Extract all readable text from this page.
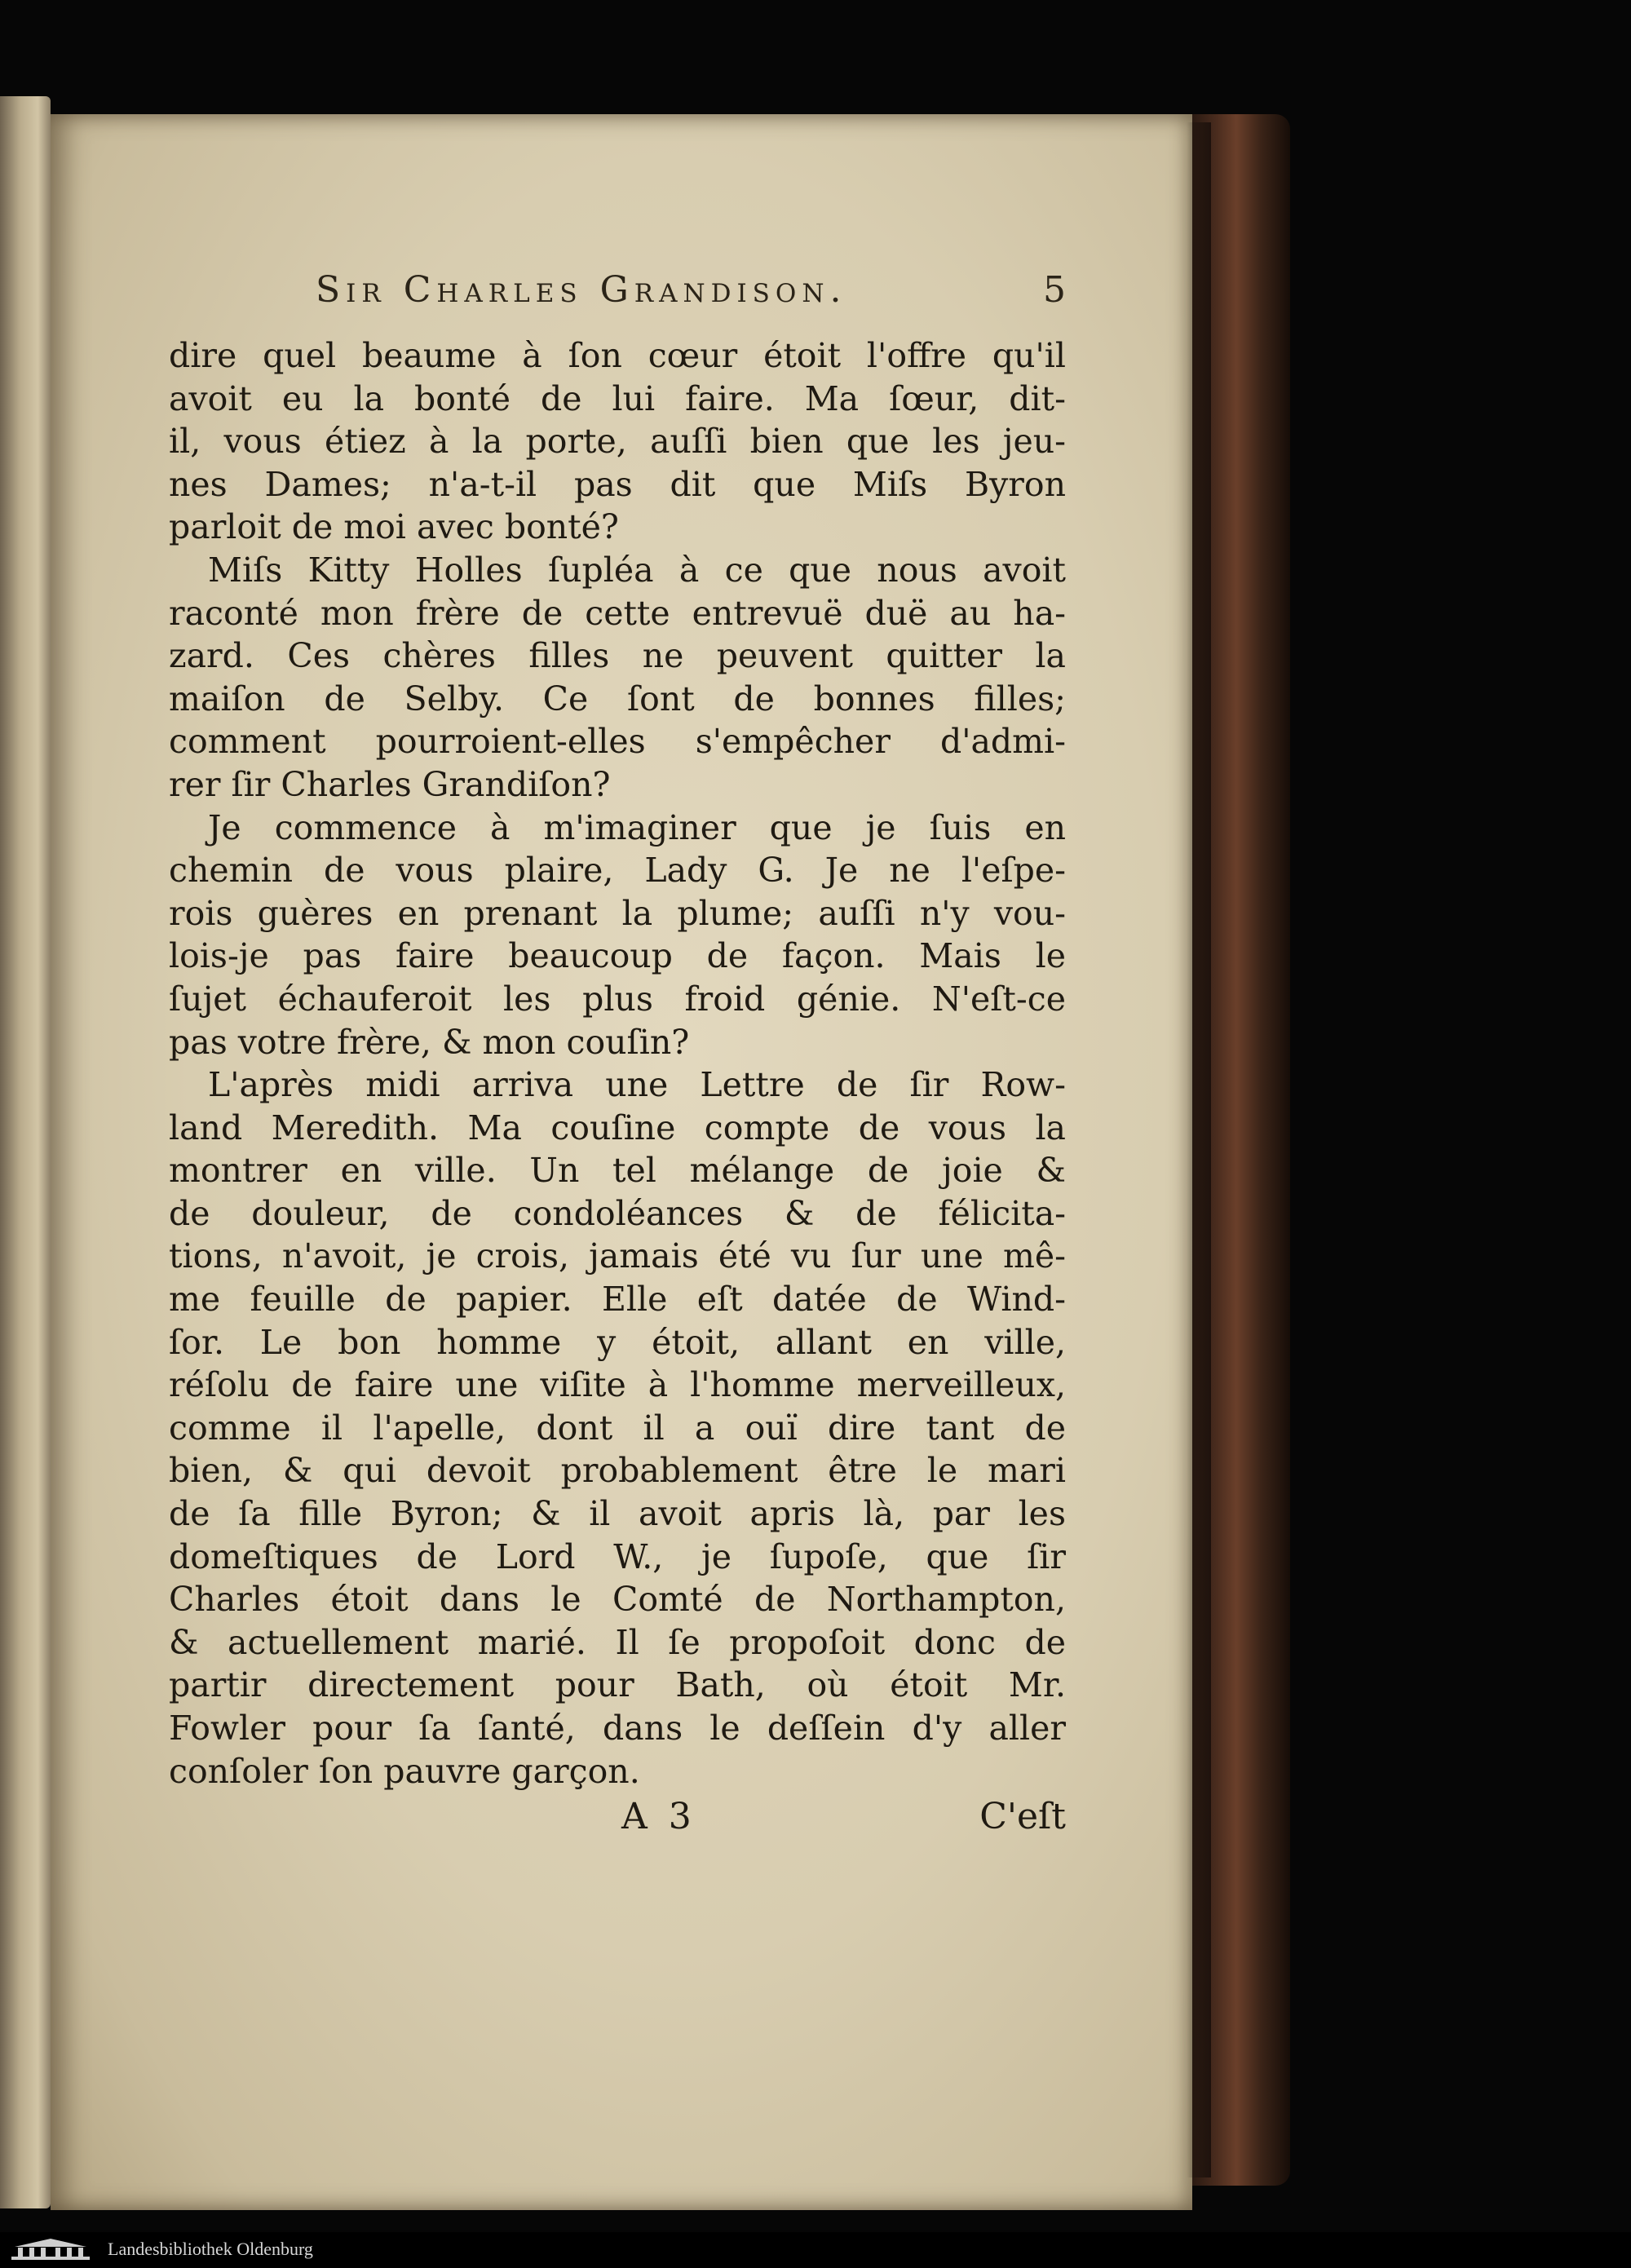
Sir Charles Grandison.	5
dire quel beaume à ſon cœur étoit l'offre qu'il
avoit eu la bonté de lui faire. Ma ſœur, dit-
il, vous étiez à la porte, auſſi bien que les jeu-
nes Dames; n'a-t-il pas dit que Miſs Byron
parloit de moi avec bonté?
Miſs Kitty Holles ſupléa à ce que nous avoit
raconté mon frère de cette entrevuë duë au ha-
zard. Ces chères filles ne peuvent quitter la
maiſon de Selby. Ce ſont de bonnes filles;
comment pourroient-elles s'empêcher d'admi-
rer ſir Charles Grandiſon?
Je commence à m'imaginer que je ſuis en
chemin de vous plaire, Lady G. Je ne l'eſpe-
rois guères en prenant la plume; auſſi n'y vou-
lois-je pas faire beaucoup de façon. Mais le
ſujet échauferoit les plus froid génie. N'eſt-ce
pas votre frère, & mon couſin?
L'après midi arriva une Lettre de ſir Row-
land Meredith. Ma couſine compte de vous la
montrer en ville. Un tel mélange de joie &
de douleur, de condoléances & de félicita-
tions, n'avoit, je crois, jamais été vu ſur une mê-
me feuille de papier. Elle eſt datée de Wind-
ſor. Le bon homme y étoit, allant en ville,
réſolu de faire une viſite à l'homme merveilleux,
comme il l'apelle, dont il a ouï dire tant de
bien, & qui devoit probablement être le mari
de ſa fille Byron; & il avoit apris là, par les
domeſtiques de Lord W., je ſupoſe, que ſir
Charles étoit dans le Comté de Northampton,
& actuellement marié. Il ſe propoſoit donc de
partir directement pour Bath, où étoit Mr.
Fowler pour ſa ſanté, dans le deſſein d'y aller
conſoler ſon pauvre garçon.
A 3	C'eſt
Landesbibliothek Oldenburg
